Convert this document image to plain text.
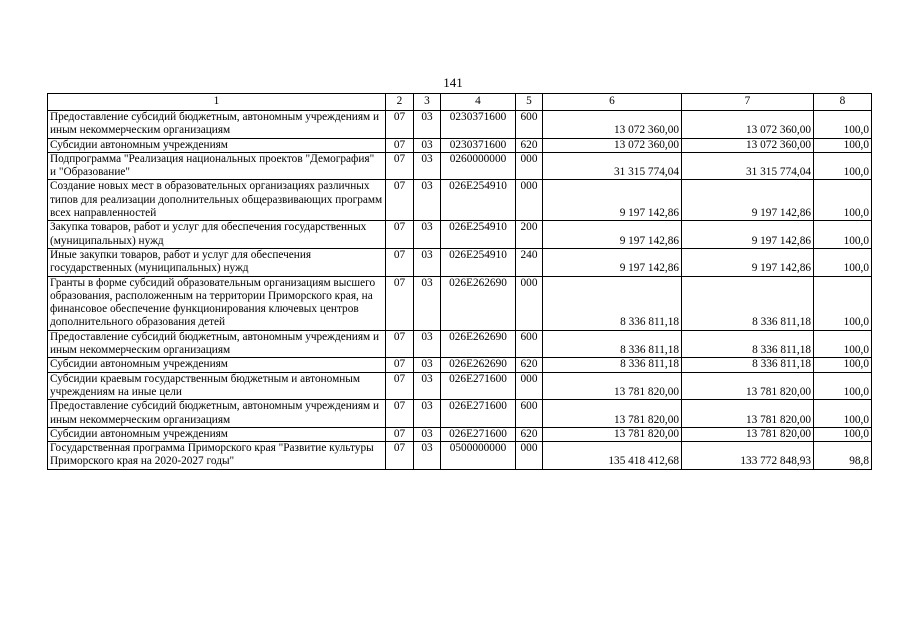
141
1	2	3	4	5	6	7	8
Предоставление субсидий бюджетным, автономным учреждениям и иным некоммерческим организациям	07	03	0230371600	600	13 072 360,00	13 072 360,00	100,0
Субсидии автономным учреждениям	07	03	0230371600	620	13 072 360,00	13 072 360,00	100,0
Подпрограмма "Реализация национальных проектов "Демография" и "Образование"	07	03	0260000000	000	31 315 774,04	31 315 774,04	100,0
Создание новых мест в образовательных организациях различных типов для реализации дополнительных общеразвивающих программ всех направленностей	07	03	026E254910	000	9 197 142,86	9 197 142,86	100,0
Закупка товаров, работ и услуг для обеспечения государственных (муниципальных) нужд	07	03	026E254910	200	9 197 142,86	9 197 142,86	100,0
Иные закупки товаров, работ и услуг для обеспечения государственных (муниципальных) нужд	07	03	026E254910	240	9 197 142,86	9 197 142,86	100,0
Гранты в форме субсидий образовательным организациям высшего образования, расположенным на территории Приморского края, на финансовое обеспечение функционирования ключевых центров дополнительного образования детей	07	03	026E262690	000	8 336 811,18	8 336 811,18	100,0
Предоставление субсидий бюджетным, автономным учреждениям и иным некоммерческим организациям	07	03	026E262690	600	8 336 811,18	8 336 811,18	100,0
Субсидии автономным учреждениям	07	03	026E262690	620	8 336 811,18	8 336 811,18	100,0
Субсидии краевым государственным бюджетным и автономным учреждениям на иные цели	07	03	026E271600	000	13 781 820,00	13 781 820,00	100,0
Предоставление субсидий бюджетным, автономным учреждениям и иным некоммерческим организациям	07	03	026E271600	600	13 781 820,00	13 781 820,00	100,0
Субсидии автономным учреждениям	07	03	026E271600	620	13 781 820,00	13 781 820,00	100,0
Государственная программа Приморского края "Развитие культуры Приморского края на 2020-2027 годы"	07	03	0500000000	000	135 418 412,68	133 772 848,93	98,8
